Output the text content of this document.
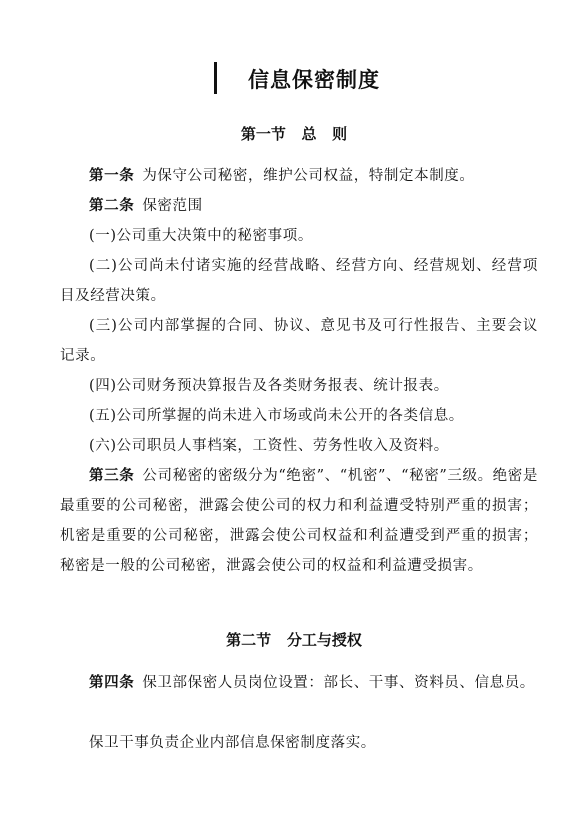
信息保密制度
第一节   总   则

第一条 为保守公司秘密，维护公司权益，特制定本制度。

第二条 保密范围

(一)公司重大决策中的秘密事项。

(二)公司尚未付诸实施的经营战略、经营方向、经营规划、经营项目及经营决策。

(三)公司内部掌握的合同、协议、意见书及可行性报告、主要会议记录。

(四)公司财务预决算报告及各类财务报表、统计报表。

(五)公司所掌握的尚未进入市场或尚未公开的各类信息。

(六)公司职员人事档案，工资性、劳务性收入及资料。

第三条 公司秘密的密级分为“绝密”、“机密”、“秘密”三级。绝密是最重要的公司秘密，泄露会使公司的权力和利益遭受特别严重的损害；机密是重要的公司秘密，泄露会使公司权益和利益遭受到严重的损害；秘密是一般的公司秘密，泄露会使公司的权益和利益遭受损害。

第二节   分工与授权

第四条 保卫部保密人员岗位设置：部长、干事、资料员、信息员。

保卫干事负责企业内部信息保密制度落实。
